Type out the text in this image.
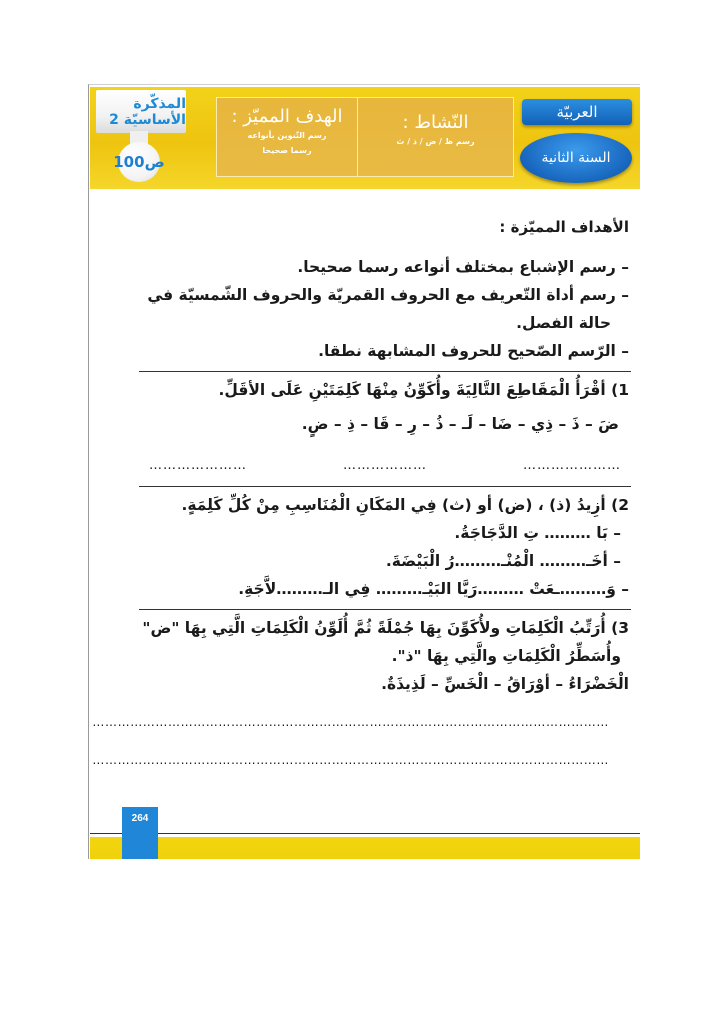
المذكّرة الأساسيّة 2
ص100
الهدف المميّز :
رسم التّنوين بأنواعه
رسما صحيحا
النّشاط :
رسم ظ / ض / ذ / ث
العربيّة
السنة الثانية

الأهداف المميّزة :

– رسم الإشباع بمختلف أنواعه رسما صحيحا.

– رسم أداة التّعريف مع الحروف القمريّة والحروف الشّمسيّة في

حالة الفصل.

– الرّسم الصّحيح للحروف المشابهة نطقا.

1) أقْرَأُ الْمَقَاطِعَ التَّالِيَةَ وأُكَوِّنُ مِنْهَا كَلِمَتَيْنِ عَلَى الأقَلِّ.

ضَ – ذَ – ذِي – ضَا – لَـ – ذُ – رِ – قَا – ذِ – ضٍ.

…………………
………………
…………………

2) أزِيدُ (ذ) ، (ض) أو (ث) فِي المَكَانِ الْمُنَاسِبِ مِنْ كُلِّ كَلِمَةٍ.

– بَا ……… تِ الدَّجَاجَةُ.

– أخَـ……… الْمُنْـ………رُ الْبَيْضَةَ.

– وَ………ـعَتْ ………رَيَّا البَيْـ……… فِي الـ………لاَّجَةِ.

3) أُرَتِّبُ الْكَلِمَاتِ ولأُكَوِّنَ بِهَا جُمْلَةً ثُمَّ أُلَوِّنُ الْكَلِمَاتِ الَّتِي بِهَا "ض"

وأُسَطِّرُ الْكَلِمَاتِ والَّتِي بِهَا "ذ".

الْخَضْرَاءُ – أوْرَاقُ – الْخَسِّ – لَذِيذَةٌ.

……………………………………………………………………………………………………………
……………………………………………………………………………………………………………
264
